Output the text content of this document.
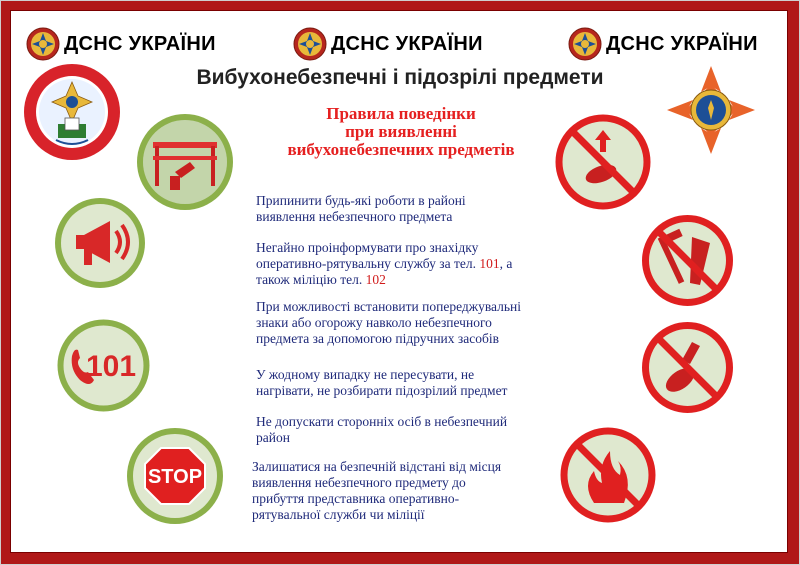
ДСНС УКРАЇНИ	ДСНС УКРАЇНИ	ДСНС УКРАЇНИ
Вибухонебезпечні і підозрілі предмети
Правила поведінки
при виявленні
вибухонебезпечних предметів
Припинити будь-які роботи в районі
виявлення небезпечного предмета
Негайно проінформувати про знахідку
оперативно-рятувальну службу за тел. 101, а
також міліцію тел. 102
При можливості встановити попереджувальні
знаки або огорожу навколо небезпечного
предмета за допомогою підручних засобів
У жодному випадку не пересувати, не
нагрівати, не розбирати підозрілий предмет
Не допускати сторонніх осіб в небезпечний
район
Залишатися на безпечній відстані від місця
виявлення небезпечного предмету до
прибуття представника оперативно-
рятувальної служби чи міліції
101
STOP
